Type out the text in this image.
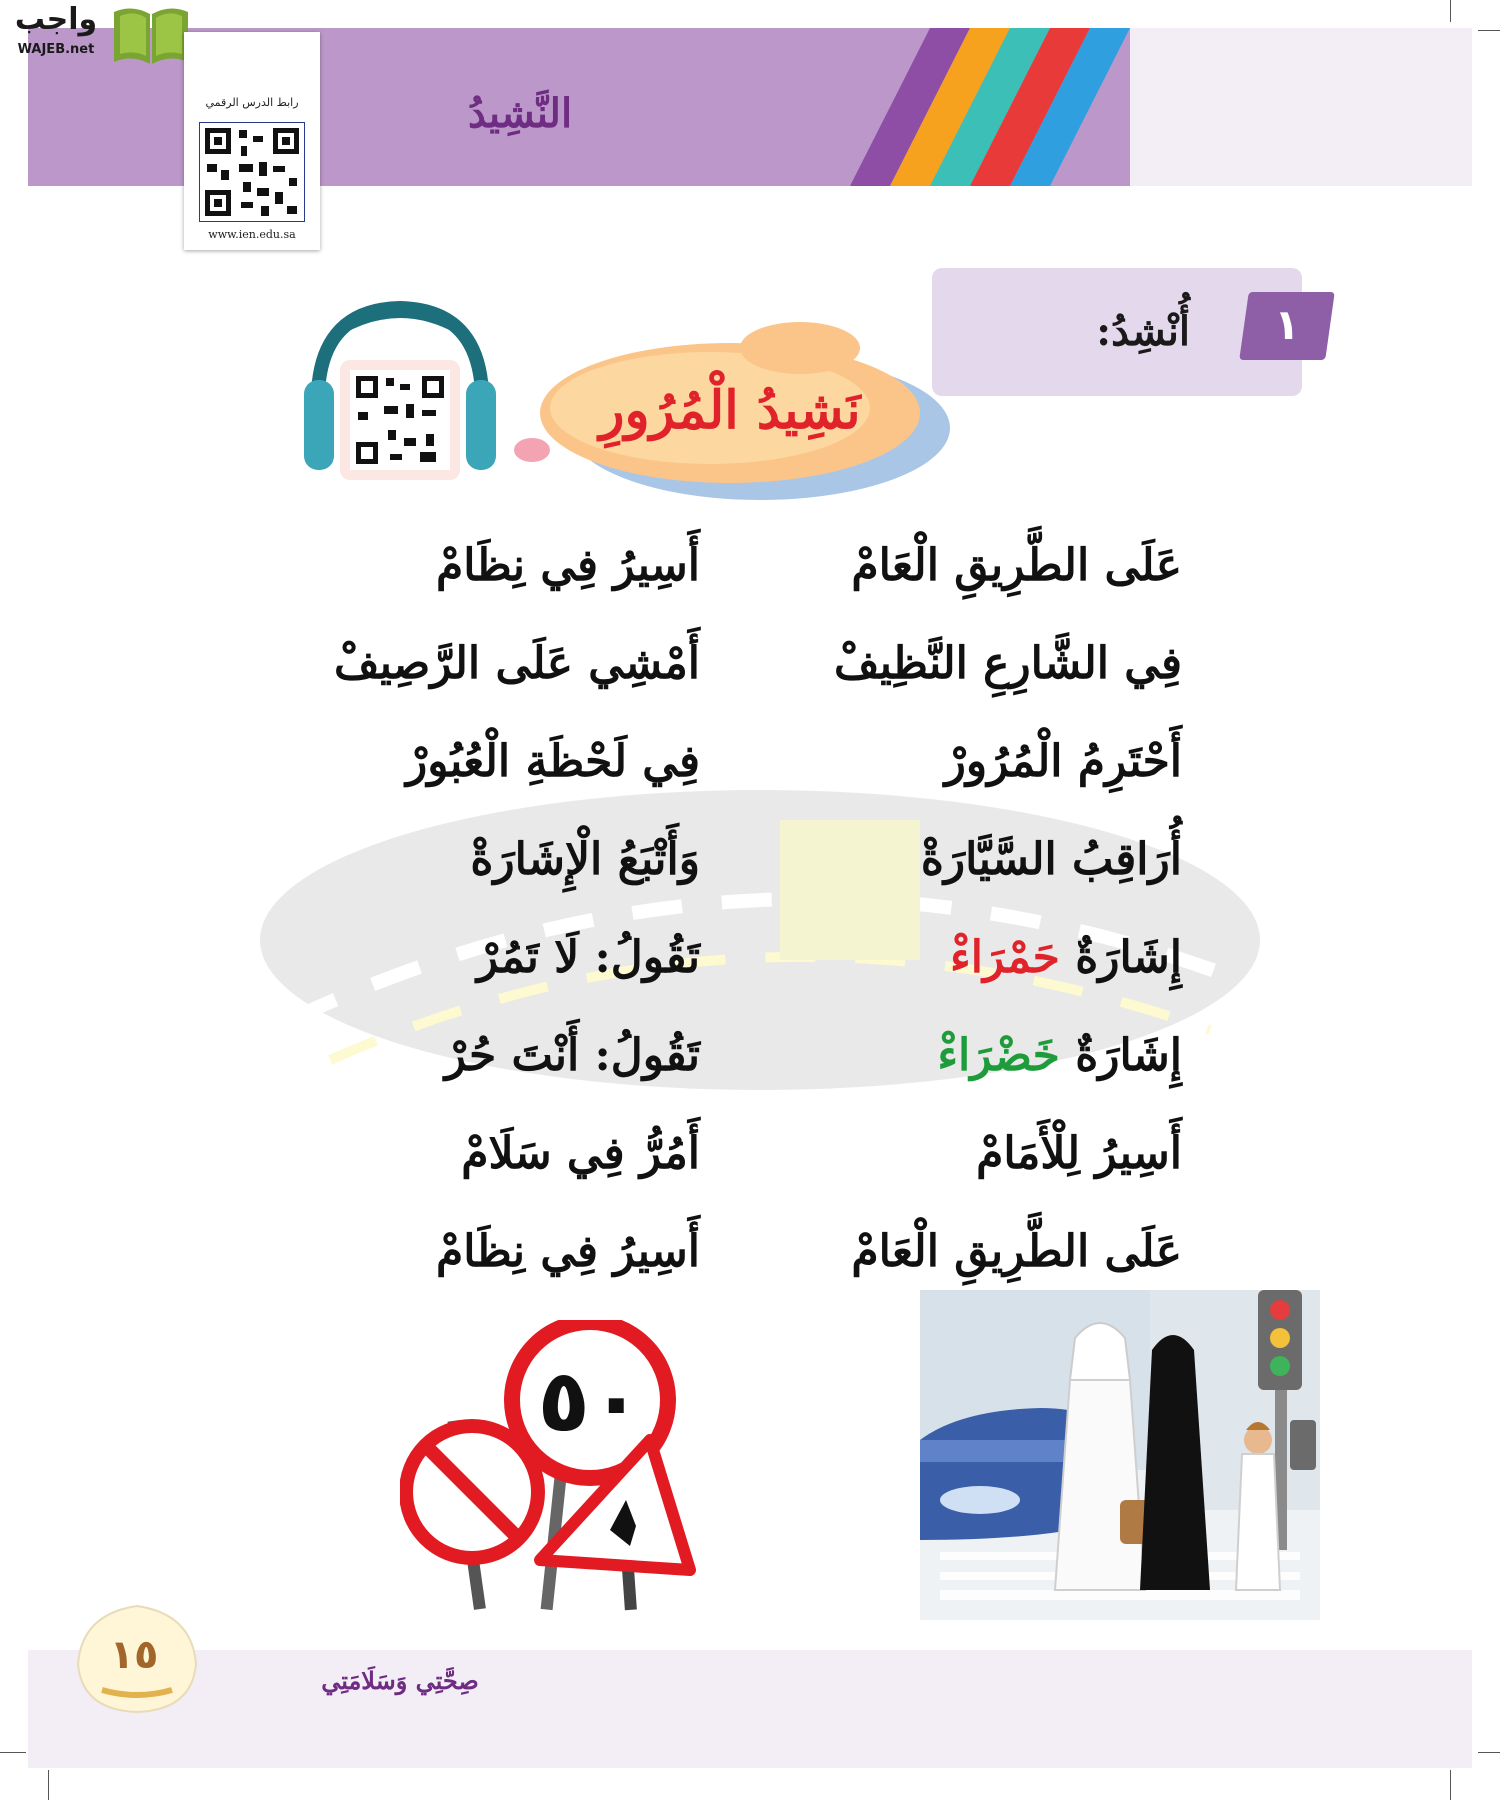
النَّشِيدُ
واجب
WAJEB.net
رابط الدرس الرقمي
www.ien.edu.sa
أُنْشِدُ:	١
نَشِيدُ الْمُرُورِ
عَلَى الطَّرِيقِ الْعَامْ
فِي الشَّارِعِ النَّظِيفْ
أَحْتَرِمُ الْمُرُورْ
أُرَاقِبُ السَّيَّارَةْ
إِشَارَةٌ حَمْرَاءْ
إِشَارَةٌ خَضْرَاءْ
أَسِيرُ لِلْأَمَامْ
عَلَى الطَّرِيقِ الْعَامْ
أَسِيرُ فِي نِظَامْ
أَمْشِي عَلَى الرَّصِيفْ
فِي لَحْظَةِ الْعُبُورْ
وَأَتْبَعُ الْإِشَارَةْ
تَقُولُ: لَا تَمُرْ
تَقُولُ: أَنْتَ حُرْ
أَمُرُّ فِي سَلَامْ
أَسِيرُ فِي نِظَامْ
٥٠
١٥
صِحَّتِي وَسَلَامَتِي
